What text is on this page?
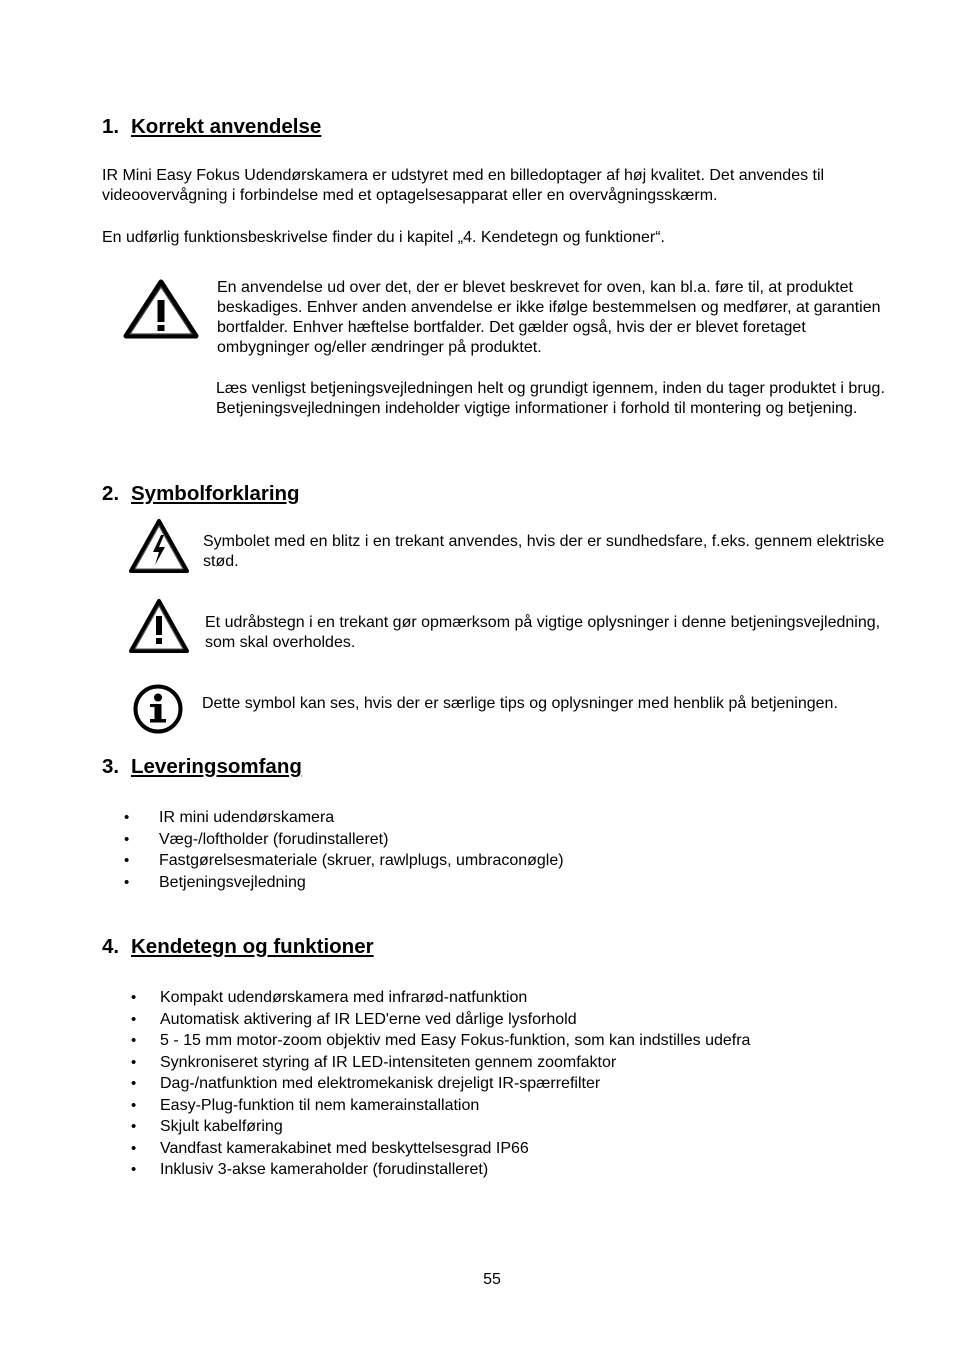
1. Korrekt anvendelse
IR Mini Easy Fokus Udendørskamera er udstyret med en billedoptager af høj kvalitet. Det anvendes til videoovervågning i forbindelse med et optagelsesapparat eller en overvågningsskærm.
En udførlig funktionsbeskrivelse finder du i kapitel „4. Kendetegn og funktioner“.
En anvendelse ud over det, der er blevet beskrevet for oven, kan bl.a. føre til, at produktet beskadiges. Enhver anden anvendelse er ikke ifølge bestemmelsen og medfører, at garantien bortfalder. Enhver hæftelse bortfalder. Det gælder også, hvis der er blevet foretaget ombygninger og/eller ændringer på produktet.
Læs venligst betjeningsvejledningen helt og grundigt igennem, inden du tager produktet i brug. Betjeningsvejledningen indeholder vigtige informationer i forhold til montering og betjening.
2. Symbolforklaring
Symbolet med en blitz i en trekant anvendes, hvis der er sundhedsfare, f.eks. gennem elektriske stød.
Et udråbstegn i en trekant gør opmærksom på vigtige oplysninger i denne betjeningsvejledning, som skal overholdes.
Dette symbol kan ses, hvis der er særlige tips og oplysninger med henblik på betjeningen.
3. Leveringsomfang
• IR mini udendørskamera
• Væg-/loftholder (forudinstalleret)
• Fastgørelsesmateriale (skruer, rawlplugs, umbraconøgle)
• Betjeningsvejledning
4. Kendetegn og funktioner
• Kompakt udendørskamera med infrarød-natfunktion
• Automatisk aktivering af IR LED'erne ved dårlige lysforhold
• 5 - 15 mm motor-zoom objektiv med Easy Fokus-funktion, som kan indstilles udefra
• Synkroniseret styring af IR LED-intensiteten gennem zoomfaktor
• Dag-/natfunktion med elektromekanisk drejeligt IR-spærrefilter
• Easy-Plug-funktion til nem kamerainstallation
• Skjult kabelføring
• Vandfast kamerakabinet med beskyttelsesgrad IP66
• Inklusiv 3-akse kameraholder (forudinstalleret)
55
